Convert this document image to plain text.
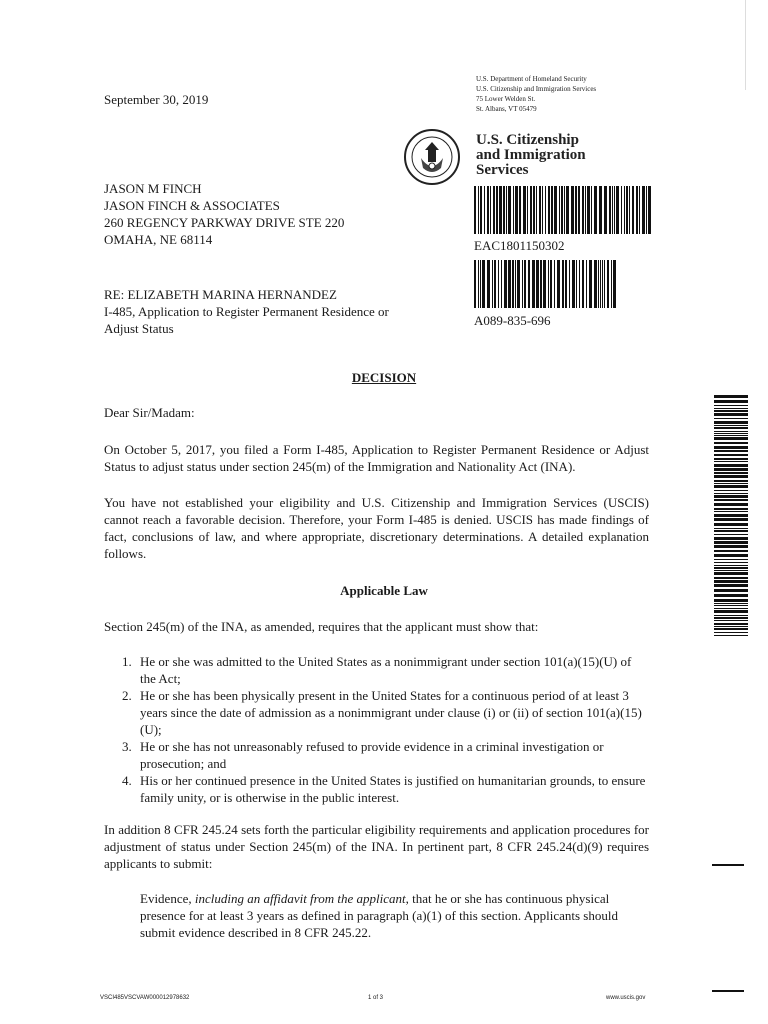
September 30, 2019
U.S. Department of Homeland Security
U.S. Citizenship and Immigration Services
75 Lower Welden St.
St. Albans, VT 05479
U.S. Citizenship
and Immigration
Services
JASON M FINCH
JASON FINCH & ASSOCIATES
260 REGENCY PARKWAY DRIVE STE 220
OMAHA, NE 68114	EAC1801150302
A089-835-696
RE: ELIZABETH MARINA HERNANDEZ
I-485, Application to Register Permanent Residence or
Adjust Status
DECISION
Dear Sir/Madam:
On October 5, 2017, you filed a Form I-485, Application to Register Permanent Residence or Adjust Status to adjust status under section 245(m) of the Immigration and Nationality Act (INA).
You have not established your eligibility and U.S. Citizenship and Immigration Services (USCIS) cannot reach a favorable decision. Therefore, your Form I-485 is denied. USCIS has made findings of fact, conclusions of law, and where appropriate, discretionary determinations. A detailed explanation follows.
Applicable Law
Section 245(m) of the INA, as amended, requires that the applicant must show that:
1. He or she was admitted to the United States as a nonimmigrant under section 101(a)(15)(U) of the Act;
2. He or she has been physically present in the United States for a continuous period of at least 3 years since the date of admission as a nonimmigrant under clause (i) or (ii) of section 101(a)(15)(U);
3. He or she has not unreasonably refused to provide evidence in a criminal investigation or prosecution; and
4. His or her continued presence in the United States is justified on humanitarian grounds, to ensure family unity, or is otherwise in the public interest.
In addition 8 CFR 245.24 sets forth the particular eligibility requirements and application procedures for adjustment of status under Section 245(m) of the INA. In pertinent part, 8 CFR 245.24(d)(9) requires applicants to submit:
Evidence, including an affidavit from the applicant, that he or she has continuous physical presence for at least 3 years as defined in paragraph (a)(1) of this section. Applicants should submit evidence described in 8 CFR 245.22.
VSCI485VSCVAW000012978632	1 of 3	www.uscis.gov
